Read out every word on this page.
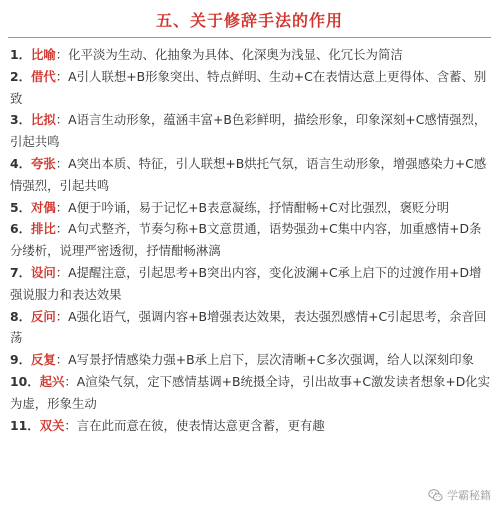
五、关于修辞手法的作用

1．比喻：化平淡为生动、化抽象为具体、化深奥为浅显、化冗长为简洁

2．借代：A引人联想+B形象突出、特点鲜明、生动+C在表情达意上更得体、含蓄、别致

3．比拟：A语言生动形象，蕴涵丰富+B色彩鲜明，描绘形象，印象深刻+C感情强烈，引起共鸣

4．夸张：A突出本质、特征，引人联想+B烘托气氛，语言生动形象，增强感染力+C感情强烈，引起共鸣

5．对偶：A便于吟诵，易于记忆+B表意凝练，抒情酣畅+C对比强烈，褒贬分明

6．排比：A句式整齐，节奏匀称+B文意贯通，语势强劲+C集中内容，加重感情+D条分缕析，说理严密透彻，抒情酣畅淋漓

7．设问：A提醒注意，引起思考+B突出内容，变化波澜+C承上启下的过渡作用+D增强说服力和表达效果

8．反问：A强化语气，强调内容+B增强表达效果，表达强烈感情+C引起思考，余音回荡

9．反复：A写景抒情感染力强+B承上启下，层次清晰+C多次强调，给人以深刻印象

10．起兴：A渲染气氛，定下感情基调+B统摄全诗，引出故事+C激发读者想象+D化实为虚，形象生动

11．双关：言在此而意在彼，使表情达意更含蓄，更有趣

学霸秘籍
